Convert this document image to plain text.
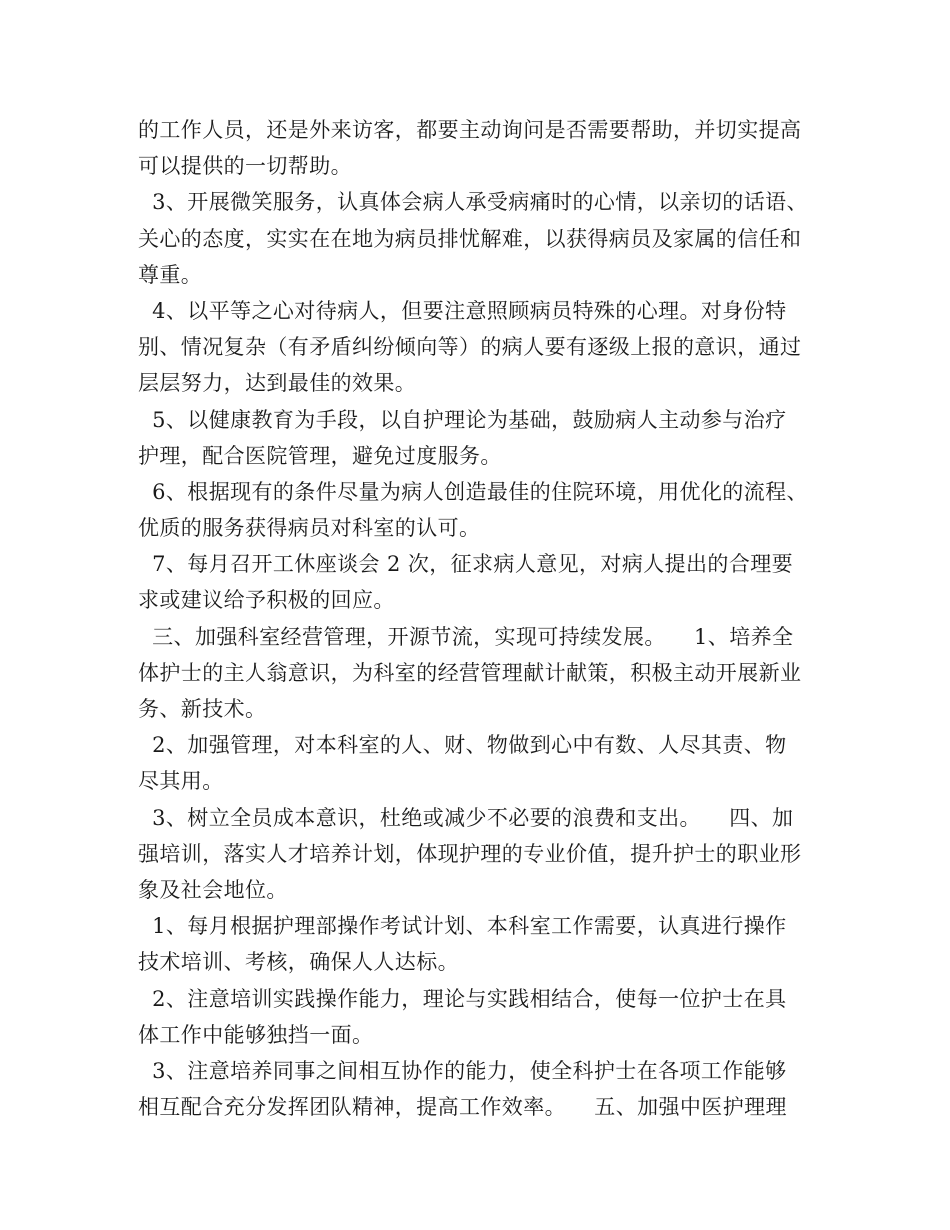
的工作人员，还是外来访客，都要主动询问是否需要帮助，并切实提高
可以提供的一切帮助。
3、开展微笑服务，认真体会病人承受病痛时的心情，以亲切的话语、
关心的态度，实实在在地为病员排忧解难，以获得病员及家属的信任和
尊重。
4、以平等之心对待病人，但要注意照顾病员特殊的心理。对身份特
别、情况复杂（有矛盾纠纷倾向等）的病人要有逐级上报的意识，通过
层层努力，达到最佳的效果。
5、以健康教育为手段，以自护理论为基础，鼓励病人主动参与治疗
护理，配合医院管理，避免过度服务。
6、根据现有的条件尽量为病人创造最佳的住院环境，用优化的流程、
优质的服务获得病员对科室的认可。
7、每月召开工休座谈会 2 次，征求病人意见，对病人提出的合理要
求或建议给予积极的回应。
三、加强科室经营管理，开源节流，实现可持续发展。    1、培养全
体护士的主人翁意识，为科室的经营管理献计献策，积极主动开展新业
务、新技术。
2、加强管理，对本科室的人、财、物做到心中有数、人尽其责、物
尽其用。
3、树立全员成本意识，杜绝或减少不必要的浪费和支出。    四、加
强培训，落实人才培养计划，体现护理的专业价值，提升护士的职业形
象及社会地位。
1、每月根据护理部操作考试计划、本科室工作需要，认真进行操作
技术培训、考核，确保人人达标。
2、注意培训实践操作能力，理论与实践相结合，使每一位护士在具
体工作中能够独挡一面。
3、注意培养同事之间相互协作的能力，使全科护士在各项工作能够
相互配合充分发挥团队精神，提高工作效率。    五、加强中医护理理
